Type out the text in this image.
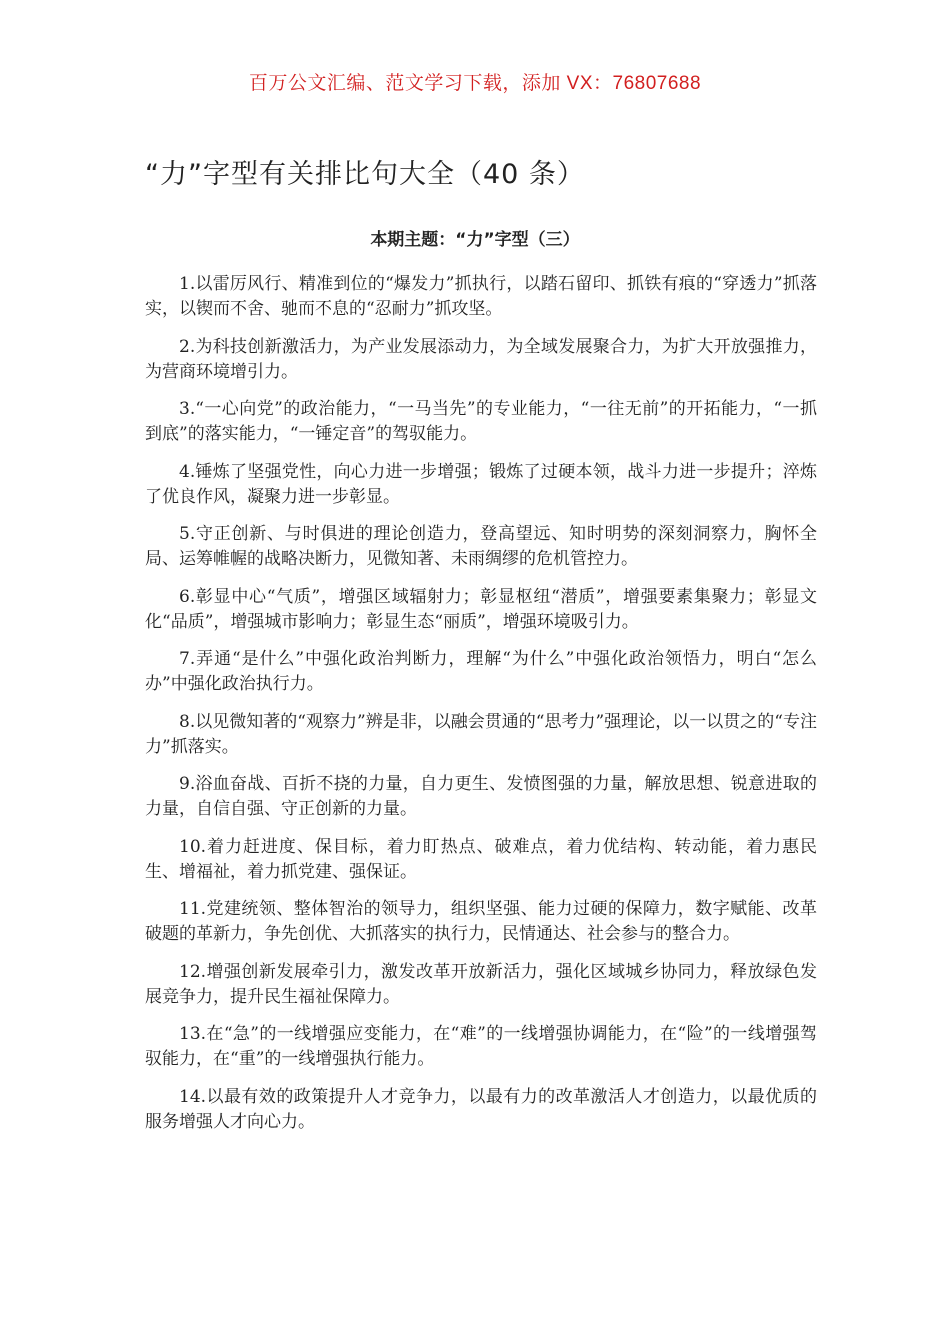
百万公文汇编、范文学习下载，添加 VX：76807688
“力”字型有关排比句大全（40 条）
本期主题：“力”字型（三）

1.以雷厉风行、精准到位的“爆发力”抓执行，以踏石留印、抓铁有痕的“穿透力”抓落实，以锲而不舍、驰而不息的“忍耐力”抓攻坚。

2.为科技创新激活力，为产业发展添动力，为全域发展聚合力，为扩大开放强推力，为营商环境增引力。

3.“一心向党”的政治能力，“一马当先”的专业能力，“一往无前”的开拓能力，“一抓到底”的落实能力，“一锤定音”的驾驭能力。

4.锤炼了坚强党性，向心力进一步增强；锻炼了过硬本领，战斗力进一步提升；淬炼了优良作风，凝聚力进一步彰显。

5.守正创新、与时俱进的理论创造力，登高望远、知时明势的深刻洞察力，胸怀全局、运筹帷幄的战略决断力，见微知著、未雨绸缪的危机管控力。

6.彰显中心“气质”，增强区域辐射力；彰显枢纽“潜质”，增强要素集聚力；彰显文化“品质”，增强城市影响力；彰显生态“丽质”，增强环境吸引力。

7.弄通“是什么”中强化政治判断力，理解“为什么”中强化政治领悟力，明白“怎么办”中强化政治执行力。

8.以见微知著的“观察力”辨是非，以融会贯通的“思考力”强理论，以一以贯之的“专注力”抓落实。

9.浴血奋战、百折不挠的力量，自力更生、发愤图强的力量，解放思想、锐意进取的力量，自信自强、守正创新的力量。

10.着力赶进度、保目标，着力盯热点、破难点，着力优结构、转动能，着力惠民生、增福祉，着力抓党建、强保证。

11.党建统领、整体智治的领导力，组织坚强、能力过硬的保障力，数字赋能、改革破题的革新力，争先创优、大抓落实的执行力，民情通达、社会参与的整合力。

12.增强创新发展牵引力，激发改革开放新活力，强化区域城乡协同力，释放绿色发展竞争力，提升民生福祉保障力。

13.在“急”的一线增强应变能力，在“难”的一线增强协调能力，在“险”的一线增强驾驭能力，在“重”的一线增强执行能力。

14.以最有效的政策提升人才竞争力，以最有力的改革激活人才创造力，以最优质的服务增强人才向心力。
